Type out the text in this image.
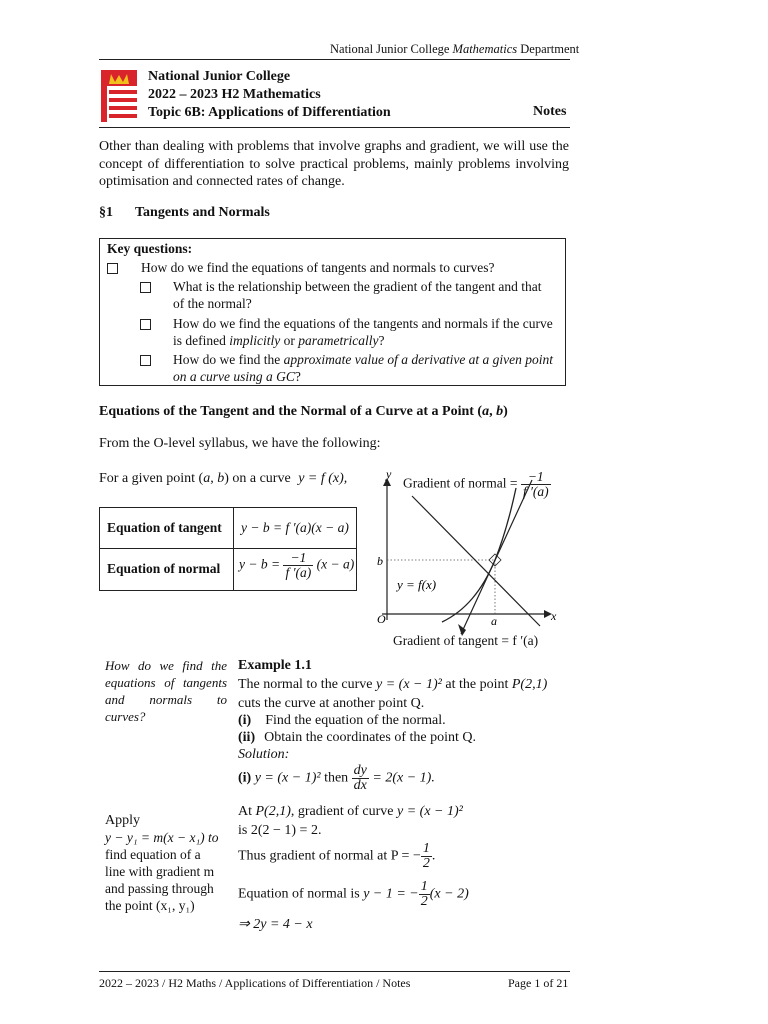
National Junior College Mathematics Department
National Junior College
2022 – 2023 H2 Mathematics
Topic 6B: Applications of Differentiation	Notes
Other than dealing with problems that involve graphs and gradient, we will use the concept of differentiation to solve practical problems, mainly problems involving optimisation and connected rates of change.
§1 Tangents and Normals
Key questions:
How do we find the equations of tangents and normals to curves?
What is the relationship between the gradient of the tangent and that
of the normal?
How do we find the equations of the tangents and normals if the curve
is defined implicitly or parametrically?
How do we find the approximate value of a derivative at a given point
on a curve using a GC?
Equations of the Tangent and the Normal of a Curve at a Point (a, b)
From the O-level syllabus, we have the following:
For a given point (a, b) on a curve y = f (x),
Equation of tangent y − b = f ′(a)(x − a)
Equation of normal $y - b = \frac{-1}{f '(a)} (x - a)$
y
x
O
b
a
y = f(x)
Gradient of normal = $\frac{-1}{f '(a)}$
Gradient of tangent = f ′(a)
How do we find the equations of tangents and normals to curves?
Apply
y − y₁ = m(x − x₁) to
find equation of a
line with gradient m
and passing through
the point (x₁, y₁)
Example 1.1
The normal to the curve y = (x − 1)² at the point P(2,1)
cuts the curve at another point Q.
(i) Find the equation of the normal.
(ii) Obtain the coordinates of the point Q.
Solution:
(i) y = (x − 1)² then $\frac{dy}{dx} = 2(x - 1)$.
At P(2,1), gradient of curve y = (x − 1)²
is 2(2 − 1) = 2.
Thus gradient of normal at P = − $\frac{1}{2}$ .
Equation of normal is y − 1 = − $\frac{1}{2} (x - 2)$
⇒ 2y = 4 − x
2022 – 2023 / H2 Maths / Applications of Differentiation / Notes	Page 1 of 21
